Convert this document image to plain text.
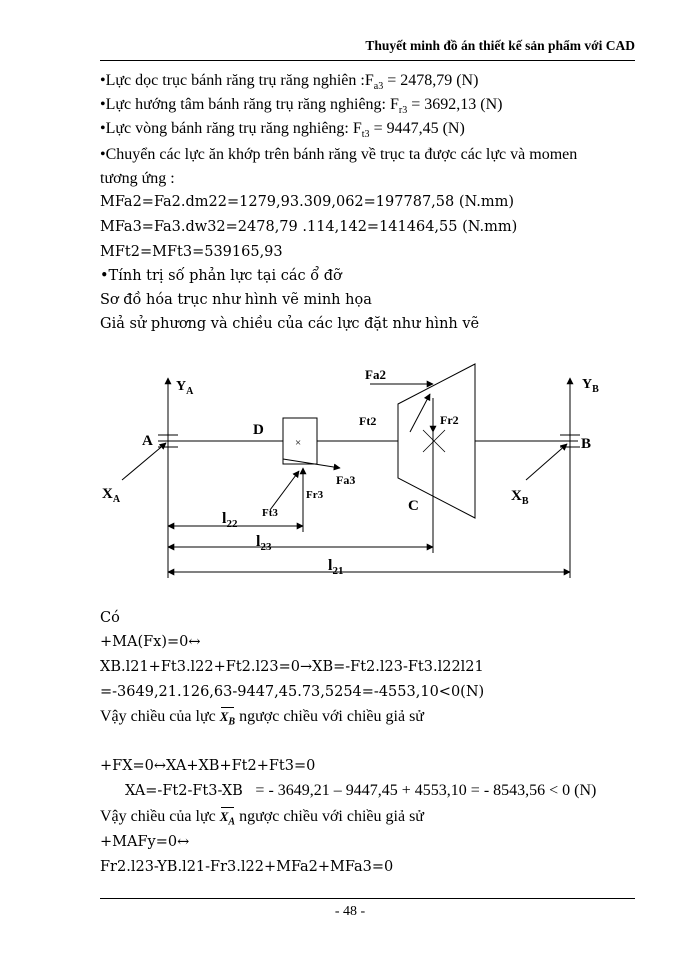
Thuyết minh đồ án thiết kế sản phẩm với CAD
•Lực dọc trục bánh răng trụ răng nghiên $:F_{a3} = 2478,79$ (N)
•Lực hướng tâm bánh răng trụ răng nghiêng: $F_{r3} = 3692,13$ (N)
•Lực vòng bánh răng trụ răng nghiêng: $F_{t3} = 9447,45$ (N)
•Chuyển các lực ăn khớp trên bánh răng về trục ta được các lực và momen
tương ứng :
MFa2=Fa2.dm22=1279,93.309,062=197787,58 (N.mm)
MFa3=Fa3.dw32=2478,79 .114,142=141464,55 (N.mm)
MFt2=MFt3=539165,93
•Tính trị số phản lực tại các ổ đỡ
Sơ đồ hóa trục như hình vẽ minh họa
Giả sử phương và chiều của các lực đặt như hình vẽ
$Y_A$
A
$X_A$
×
D
Fa3
Fr3
Ft3
Fa2
Ft2	Fr2
C
$Y_B$
B
$X_B$
$l_{22}$
$l_{23}$
$l_{21}$
Có
+MA(Fx)=0↔
XB.l21+Ft3.l22+Ft2.l23=0→XB=-Ft2.l23-Ft3.l22l21
=-3649,21.126,63-9447,45.73,5254=-4553,10<0(N)
Vậy chiều của lực $X_B$ ngược chiều với chiều giả sử
+FX=0↔XA+XB+Ft2+Ft3=0
XA=-Ft2-Ft3-XB = - 3649,21 – 9447,45 + 4553,10 = - 8543,56 < 0 (N)
Vậy chiều của lực $X_A$ ngược chiều với chiều giả sử
+MAFy=0↔
Fr2.l23-YB.l21-Fr3.l22+MFa2+MFa3=0
- 48 -
